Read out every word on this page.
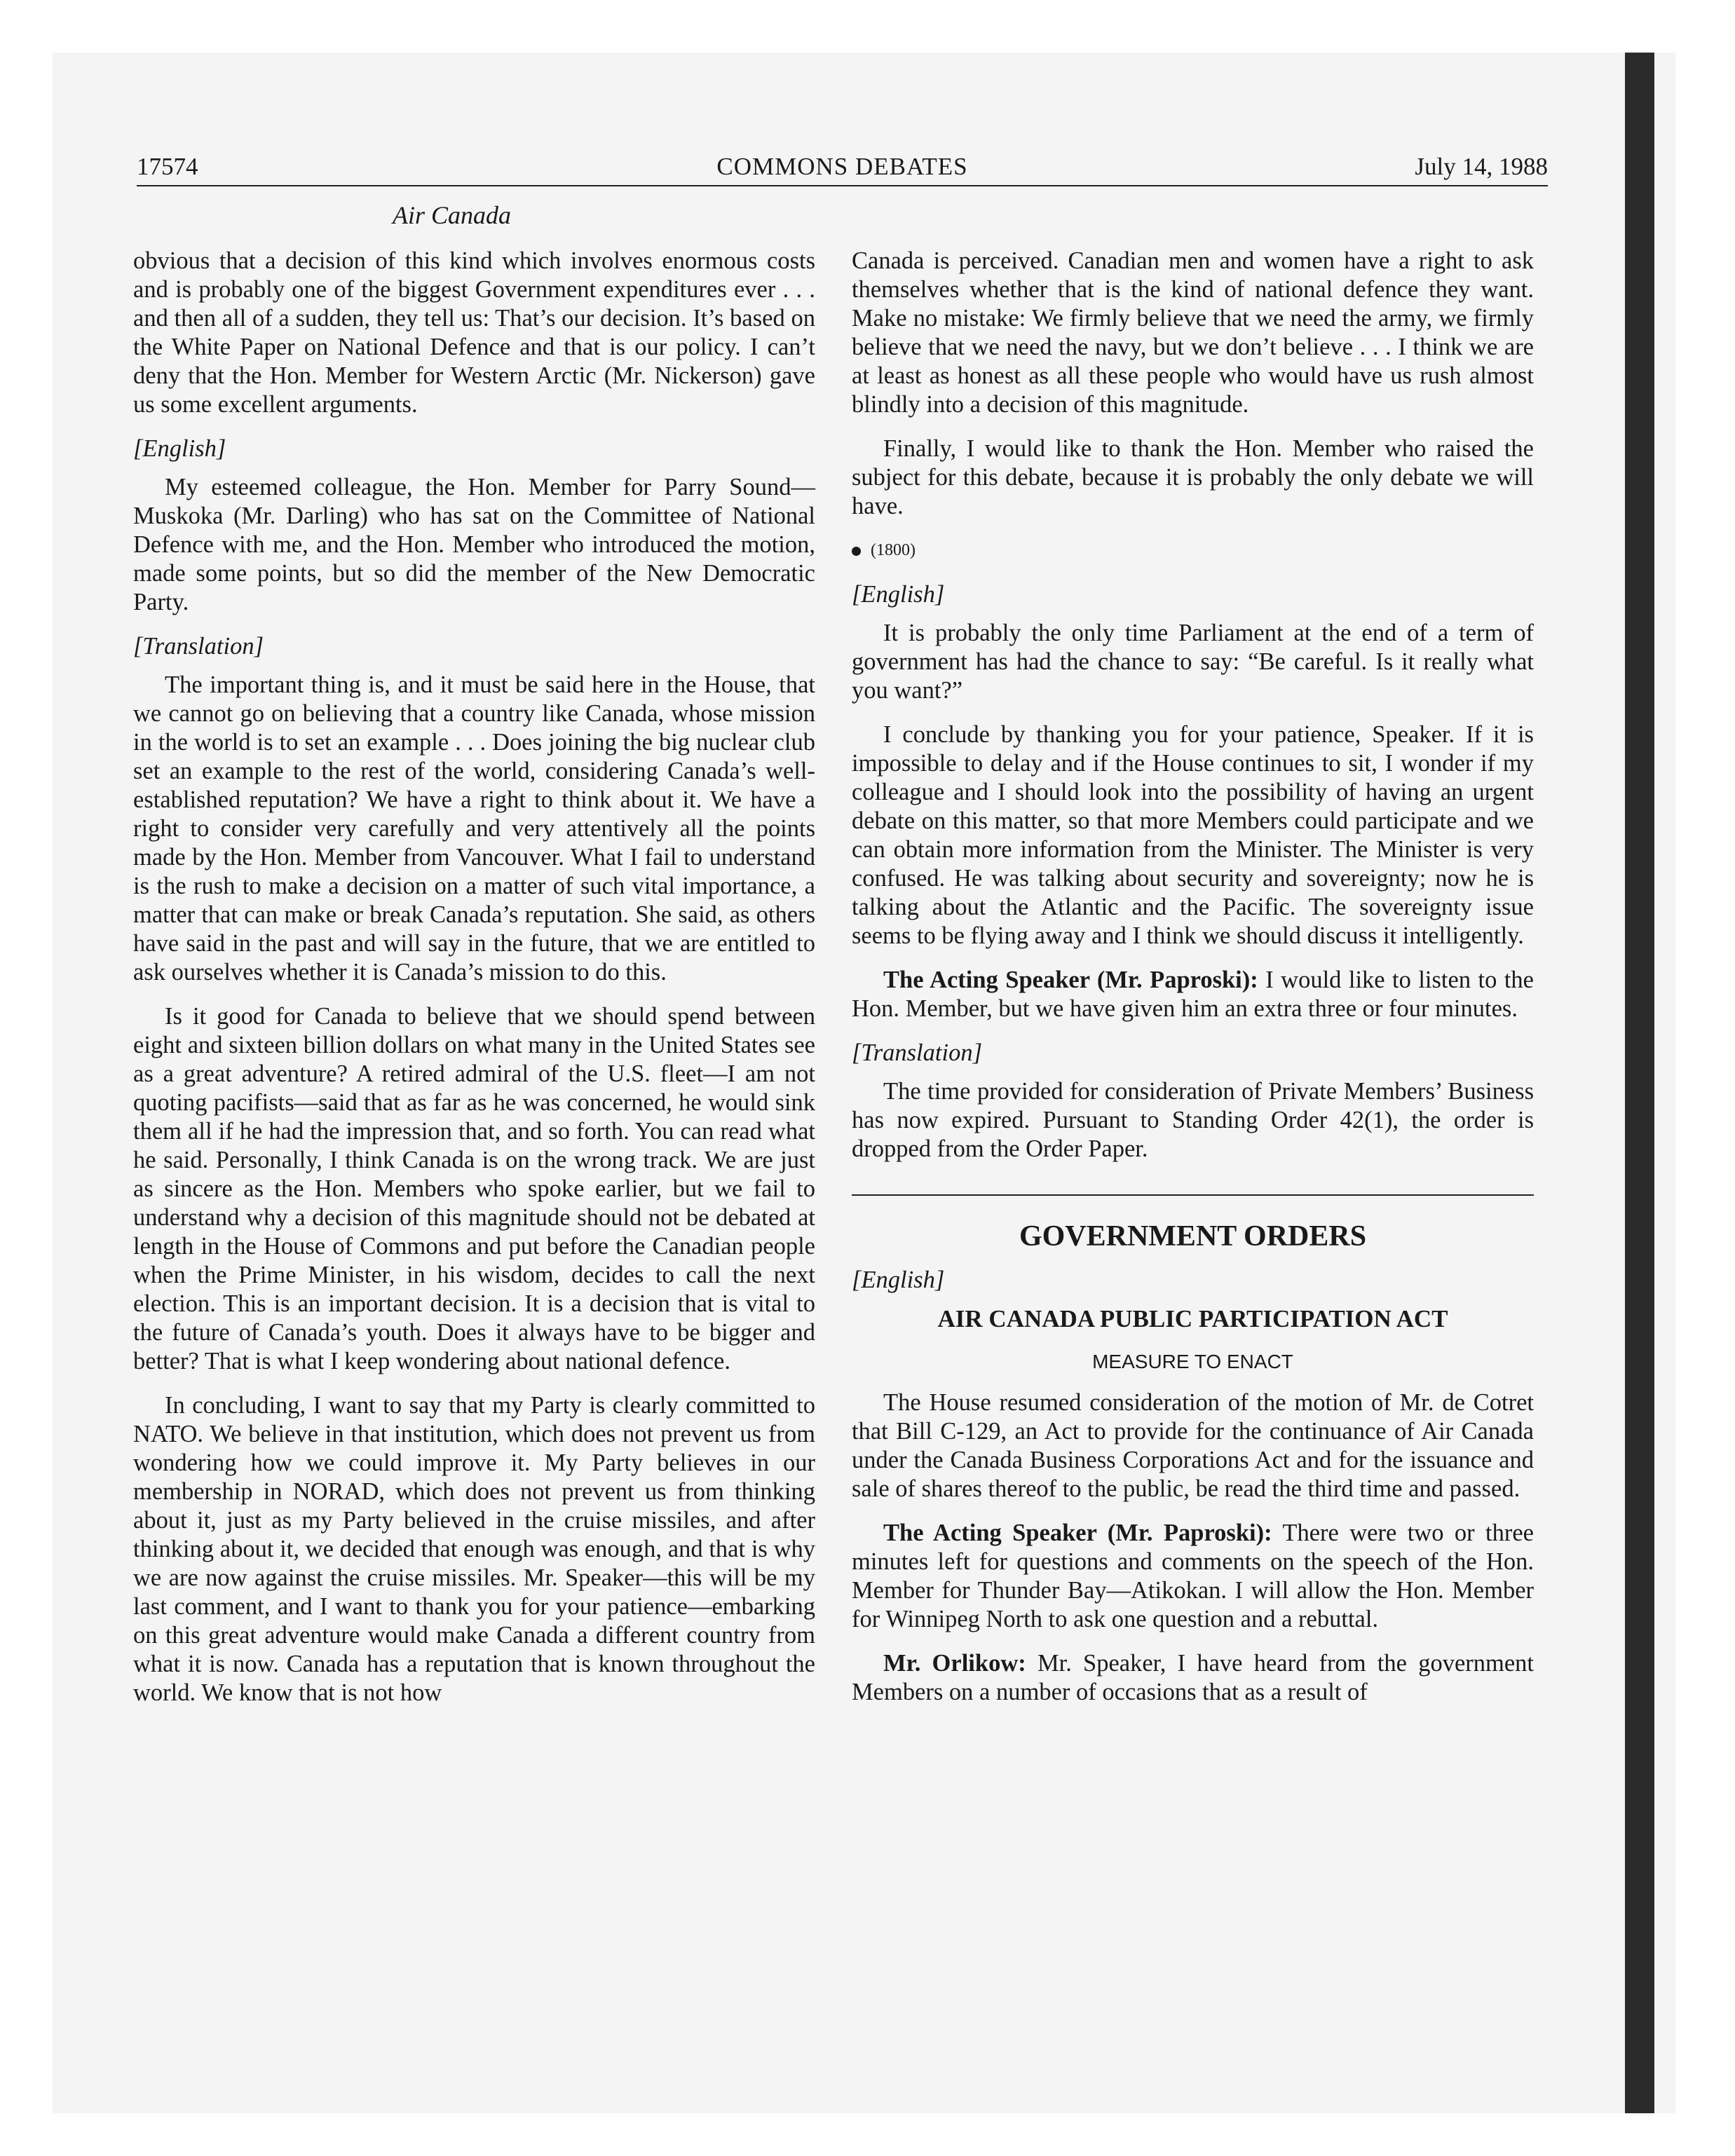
17574	COMMONS DEBATES	July 14, 1988
Air Canada

obvious that a decision of this kind which involves enormous costs and is probably one of the biggest Government expenditures ever . . . and then all of a sudden, they tell us: That’s our decision. It’s based on the White Paper on National Defence and that is our policy. I can’t deny that the Hon. Member for Western Arctic (Mr. Nickerson) gave us some excellent arguments.

[English]

My esteemed colleague, the Hon. Member for Parry Sound—Muskoka (Mr. Darling) who has sat on the Committee of National Defence with me, and the Hon. Member who introduced the motion, made some points, but so did the member of the New Democratic Party.

[Translation]

The important thing is, and it must be said here in the House, that we cannot go on believing that a country like Canada, whose mission in the world is to set an example . . . Does joining the big nuclear club set an example to the rest of the world, considering Canada’s well-established reputation? We have a right to think about it. We have a right to consider very carefully and very attentively all the points made by the Hon. Member from Vancouver. What I fail to understand is the rush to make a decision on a matter of such vital importance, a matter that can make or break Canada’s reputation. She said, as others have said in the past and will say in the future, that we are entitled to ask ourselves whether it is Canada’s mission to do this.

Is it good for Canada to believe that we should spend between eight and sixteen billion dollars on what many in the United States see as a great adventure? A retired admiral of the U.S. fleet—I am not quoting pacifists—said that as far as he was concerned, he would sink them all if he had the impression that, and so forth. You can read what he said. Personally, I think Canada is on the wrong track. We are just as sincere as the Hon. Members who spoke earlier, but we fail to understand why a decision of this magnitude should not be debated at length in the House of Commons and put before the Canadian people when the Prime Minister, in his wisdom, decides to call the next election. This is an important decision. It is a decision that is vital to the future of Canada’s youth. Does it always have to be bigger and better? That is what I keep wondering about national defence.

In concluding, I want to say that my Party is clearly committed to NATO. We believe in that institution, which does not prevent us from wondering how we could improve it. My Party believes in our membership in NORAD, which does not prevent us from thinking about it, just as my Party believed in the cruise missiles, and after thinking about it, we decided that enough was enough, and that is why we are now against the cruise missiles. Mr. Speaker—this will be my last comment, and I want to thank you for your patience—embarking on this great adventure would make Canada a different country from what it is now. Canada has a reputation that is known throughout the world. We know that is not how

Canada is perceived. Canadian men and women have a right to ask themselves whether that is the kind of national defence they want. Make no mistake: We firmly believe that we need the army, we firmly believe that we need the navy, but we don’t believe . . . I think we are at least as honest as all these people who would have us rush almost blindly into a decision of this magnitude.

Finally, I would like to thank the Hon. Member who raised the subject for this debate, because it is probably the only debate we will have.

(1800)
[English]

It is probably the only time Parliament at the end of a term of government has had the chance to say: “Be careful. Is it really what you want?”

I conclude by thanking you for your patience, Speaker. If it is impossible to delay and if the House continues to sit, I wonder if my colleague and I should look into the possibility of having an urgent debate on this matter, so that more Members could participate and we can obtain more information from the Minister. The Minister is very confused. He was talking about security and sovereignty; now he is talking about the Atlantic and the Pacific. The sovereignty issue seems to be flying away and I think we should discuss it intelligently.

The Acting Speaker (Mr. Paproski): I would like to listen to the Hon. Member, but we have given him an extra three or four minutes.

[Translation]

The time provided for consideration of Private Members’ Business has now expired. Pursuant to Standing Order 42(1), the order is dropped from the Order Paper.

GOVERNMENT ORDERS
[English]
AIR CANADA PUBLIC PARTICIPATION ACT
MEASURE TO ENACT

The House resumed consideration of the motion of Mr. de Cotret that Bill C-129, an Act to provide for the continuance of Air Canada under the Canada Business Corporations Act and for the issuance and sale of shares thereof to the public, be read the third time and passed.

The Acting Speaker (Mr. Paproski): There were two or three minutes left for questions and comments on the speech of the Hon. Member for Thunder Bay—Atikokan. I will allow the Hon. Member for Winnipeg North to ask one question and a rebuttal.

Mr. Orlikow: Mr. Speaker, I have heard from the government Members on a number of occasions that as a result of
